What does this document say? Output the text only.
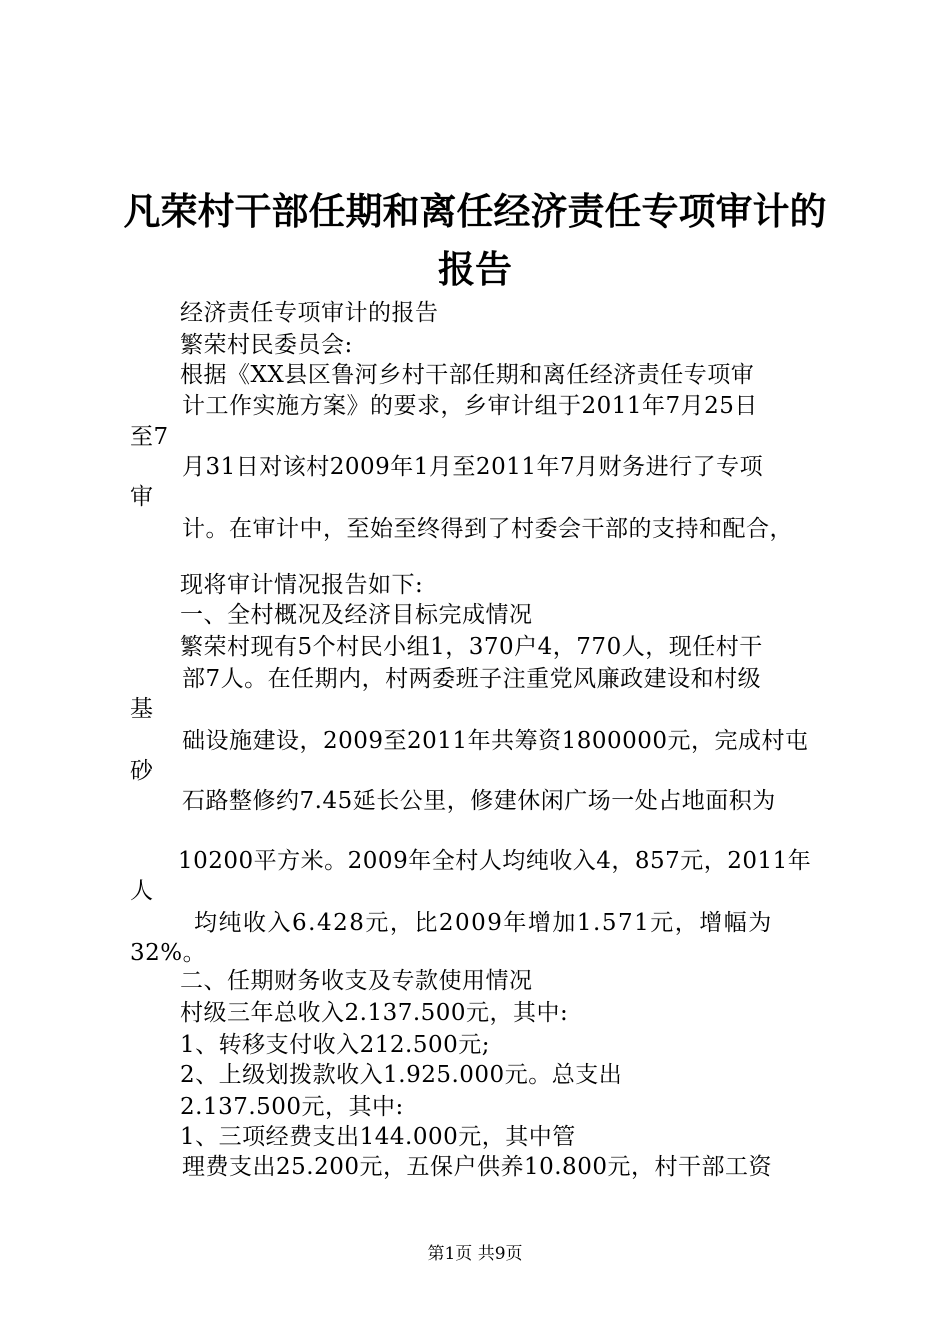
凡荣村干部任期和离任经济责任专项审计的报告
经济责任专项审计的报告
繁荣村民委员会:
根据《XX县区鲁河乡村干部任期和离任经济责任专项审
计工作实施方案》的要求，乡审计组于2011年7月25日
至7
月31日对该村2009年1月至2011年7月财务进行了专项
审
计。在审计中，至始至终得到了村委会干部的支持和配合，
现将审计情况报告如下:
一、全村概况及经济目标完成情况
繁荣村现有5个村民小组1，370户4，770人，现任村干
部7人。在任期内，村两委班子注重党风廉政建设和村级
基
础设施建设，2009至2011年共筹资1800000元，完成村屯
砂
石路整修约7.45延长公里，修建休闲广场一处占地面积为
10200平方米。2009年全村人均纯收入4，857元，2011年
人
均纯收入6.428元，比2009年增加1.571元，增幅为
32%。
二、任期财务收支及专款使用情况
村级三年总收入2.137.500元，其中:
1、转移支付收入212.500元;
2、上级划拨款收入1.925.000元。总支出
2.137.500元，其中:
1、三项经费支出144.000元，其中管
理费支出25.200元，五保户供养10.800元，村干部工资
第1页 共9页
